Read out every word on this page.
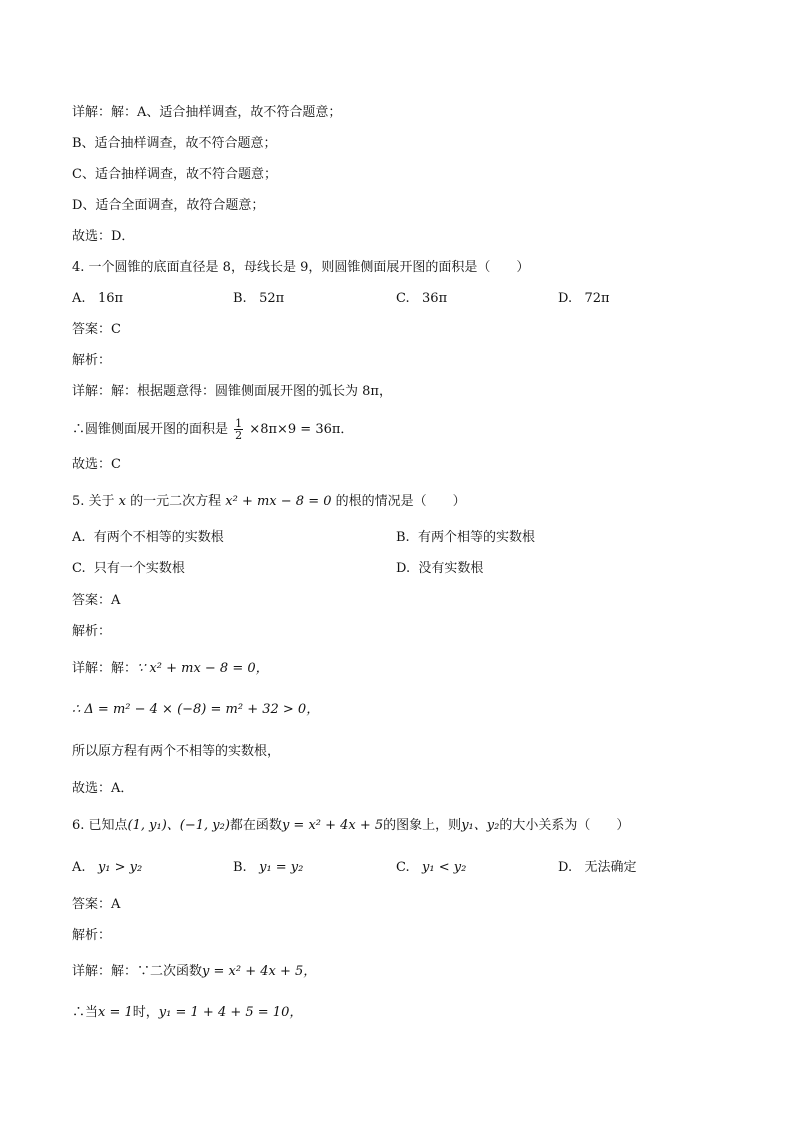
详解：解：A、适合抽样调查，故不符合题意；
B、适合抽样调查，故不符合题意；
C、适合抽样调查，故不符合题意；
D、适合全面调查，故符合题意；
故选：D．
4. 一个圆锥的底面直径是 8，母线长是 9，则圆锥侧面展开图的面积是（　　）
A. 16π	B. 52π	C. 36π	D. 72π
答案：C
解析：
详解：解：根据题意得：圆锥侧面展开图的弧长为 8π，
∴圆锥侧面展开图的面积是 $\frac{1}{2} \times 8\pi\times 9 = 36\pi$．
故选：C
5. 关于 x 的一元二次方程 x² + mx − 8 = 0 的根的情况是（　　）
A. 有两个不相等的实数根	B. 有两个相等的实数根
C. 只有一个实数根	D. 没有实数根
答案：A
解析：
详解：解：∵ x² + mx − 8 = 0，
∴ Δ = m² − 4 × (−8) = m² + 32 > 0，
所以原方程有两个不相等的实数根，
故选：A．
6. 已知点(1, y₁)、(−1, y₂)都在函数y = x² + 4x + 5的图象上，则y₁、y₂的大小关系为（　　）
A. y₁ > y₂	B. y₁ = y₂	C. y₁ < y₂	D. 无法确定
答案：A
解析：
详解：解：∵二次函数y = x² + 4x + 5，
∴当x = 1时，y₁ = 1 + 4 + 5 = 10，
